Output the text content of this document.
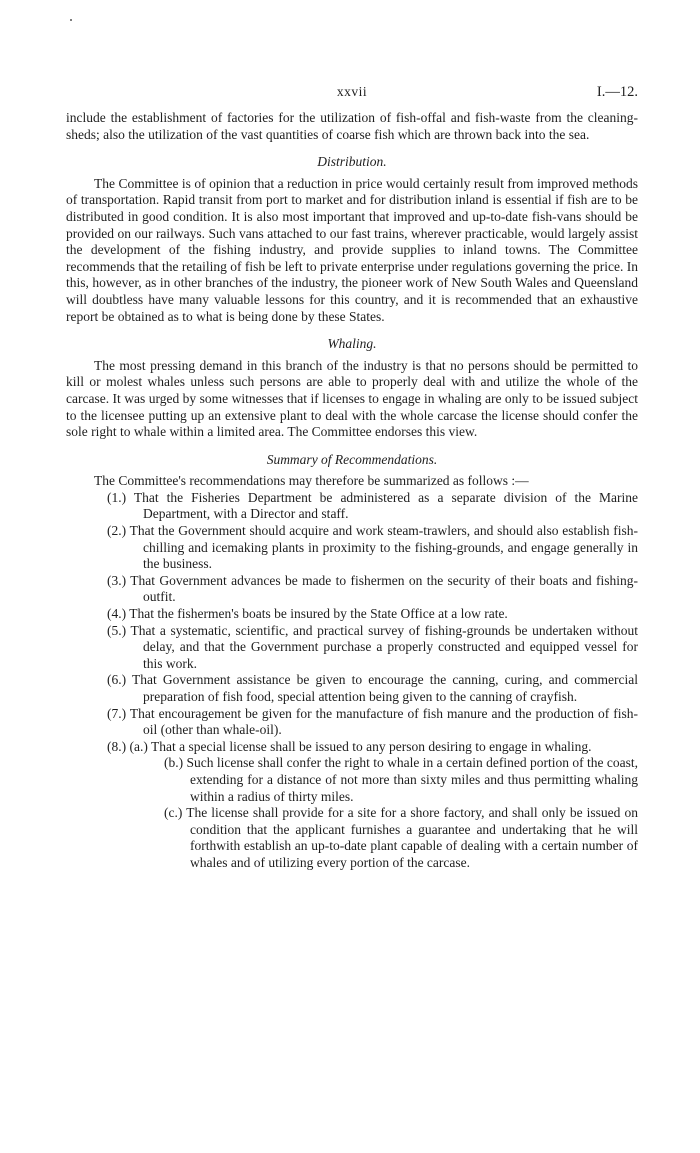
xxvii	I.—12.

include the establishment of factories for the utilization of fish-offal and fish-waste from the cleaning-sheds; also the utilization of the vast quantities of coarse fish which are thrown back into the sea.

Distribution.

The Committee is of opinion that a reduction in price would certainly result from improved methods of transportation. Rapid transit from port to market and for distribution inland is essential if fish are to be distributed in good condition. It is also most important that improved and up-to-date fish-vans should be provided on our railways. Such vans attached to our fast trains, wherever practicable, would largely assist the development of the fishing industry, and provide supplies to inland towns. The Committee recommends that the retailing of fish be left to private enterprise under regulations governing the price. In this, however, as in other branches of the industry, the pioneer work of New South Wales and Queensland will doubtless have many valuable lessons for this country, and it is recommended that an exhaustive report be obtained as to what is being done by these States.

Whaling.

The most pressing demand in this branch of the industry is that no persons should be permitted to kill or molest whales unless such persons are able to properly deal with and utilize the whole of the carcase. It was urged by some witnesses that if licenses to engage in whaling are only to be issued subject to the licensee putting up an extensive plant to deal with the whole carcase the license should confer the sole right to whale within a limited area. The Committee endorses this view.

Summary of Recommendations.

The Committee's recommendations may therefore be summarized as follows :—

(1.) That the Fisheries Department be administered as a separate division of the Marine Department, with a Director and staff.

(2.) That the Government should acquire and work steam-trawlers, and should also establish fish-chilling and icemaking plants in proximity to the fishing-grounds, and engage generally in the business.

(3.) That Government advances be made to fishermen on the security of their boats and fishing-outfit.

(4.) That the fishermen's boats be insured by the State Office at a low rate.

(5.) That a systematic, scientific, and practical survey of fishing-grounds be undertaken without delay, and that the Government purchase a properly constructed and equipped vessel for this work.

(6.) That Government assistance be given to encourage the canning, curing, and commercial preparation of fish food, special attention being given to the canning of crayfish.

(7.) That encouragement be given for the manufacture of fish manure and the production of fish-oil (other than whale-oil).

(8.) (a.) That a special license shall be issued to any person desiring to engage in whaling.

(b.) Such license shall confer the right to whale in a certain defined portion of the coast, extending for a distance of not more than sixty miles and thus permitting whaling within a radius of thirty miles.

(c.) The license shall provide for a site for a shore factory, and shall only be issued on condition that the applicant furnishes a guarantee and undertaking that he will forthwith establish an up-to-date plant capable of dealing with a certain number of whales and of utilizing every portion of the carcase.
